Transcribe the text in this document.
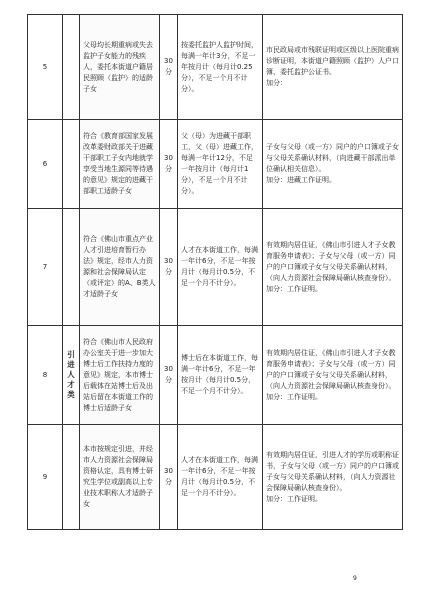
5		父母均长期重病或失去监护子女能力的残疾人，委托本街道户籍居民照顾（监护）的适龄子女	30分	按委托监护人监护时间，每满一年计3分，不足一年按月计（每月计0.25分），不足一个月不计分）。	市民政局或市残联证明或区级以上医院重病诊断证明，本街道户籍照顾（监护）人户口簿，委托监护公证书。
加分：

6		符合《教育部国家发展改革委财政部关于进藏干部职工子女内地就学享受当地生源同等待遇的意见》规定的进藏干部职工适龄子女	30分	父（母）为进藏干部职工，父（母）进藏工作，每满一年计12分，不足一年按月计（每月计1分），不足一个月不计分）。	子女与父母（或一方）同户的户口簿或子女与父母关系确认材料，（向进藏干部派出单位确认相关信息）。
加分：进藏工作证明。

7		符合《佛山市重点产业人才引进培育暂行办法》规定，经市人力资源和社会保障局认定（或评定）的A、B类人才适龄子女	30分	人才在本街道工作，每满一年计6分，不足一年按月计（每月计0.5分，不足一个月不计分）。	有效期内居住证，《佛山市引进人才子女教育服务申请表》；子女与父母（或一方）同户的户口簿或子女与父母关系确认材料，（向人力资源社会保障局确认核查身份）。
加分：工作证明。

8	引进人才类	符合《佛山市人民政府办公室关于进一步加大博士后工作扶持力度的意见》规定，本市博士后载体在站博士后及出站后留在本街道工作的博士后适龄子女	30分	博士后在本街道工作，每满一年计6分，不足一年按月计（每月计0.5分，不足一个月不计分）。	有效期内居住证，《佛山市引进人才子女教育服务申请表》；子女与父母（或一方）同户的户口簿或子女与父母关系确认材料，（向人力资源社会保障局确认核查身份）。
加分：工作证明。

9		本市按规定引进，并经市人力资源社会保障局资格认定，具有博士研究生学位或副高以上专业技术职称人才适龄子女	30分	人才在本街道工作，每满一年计6分，不足一年按月计（每月计0.5分，不足一个月不计分）。	有效期内居住证，引进人才的学历或职称证书，子女与父母（或一方）同户的户口簿或子女与父母关系确认材料，（向人力资源社会保障局确认核查身份）。
加分：工作证明。
9
